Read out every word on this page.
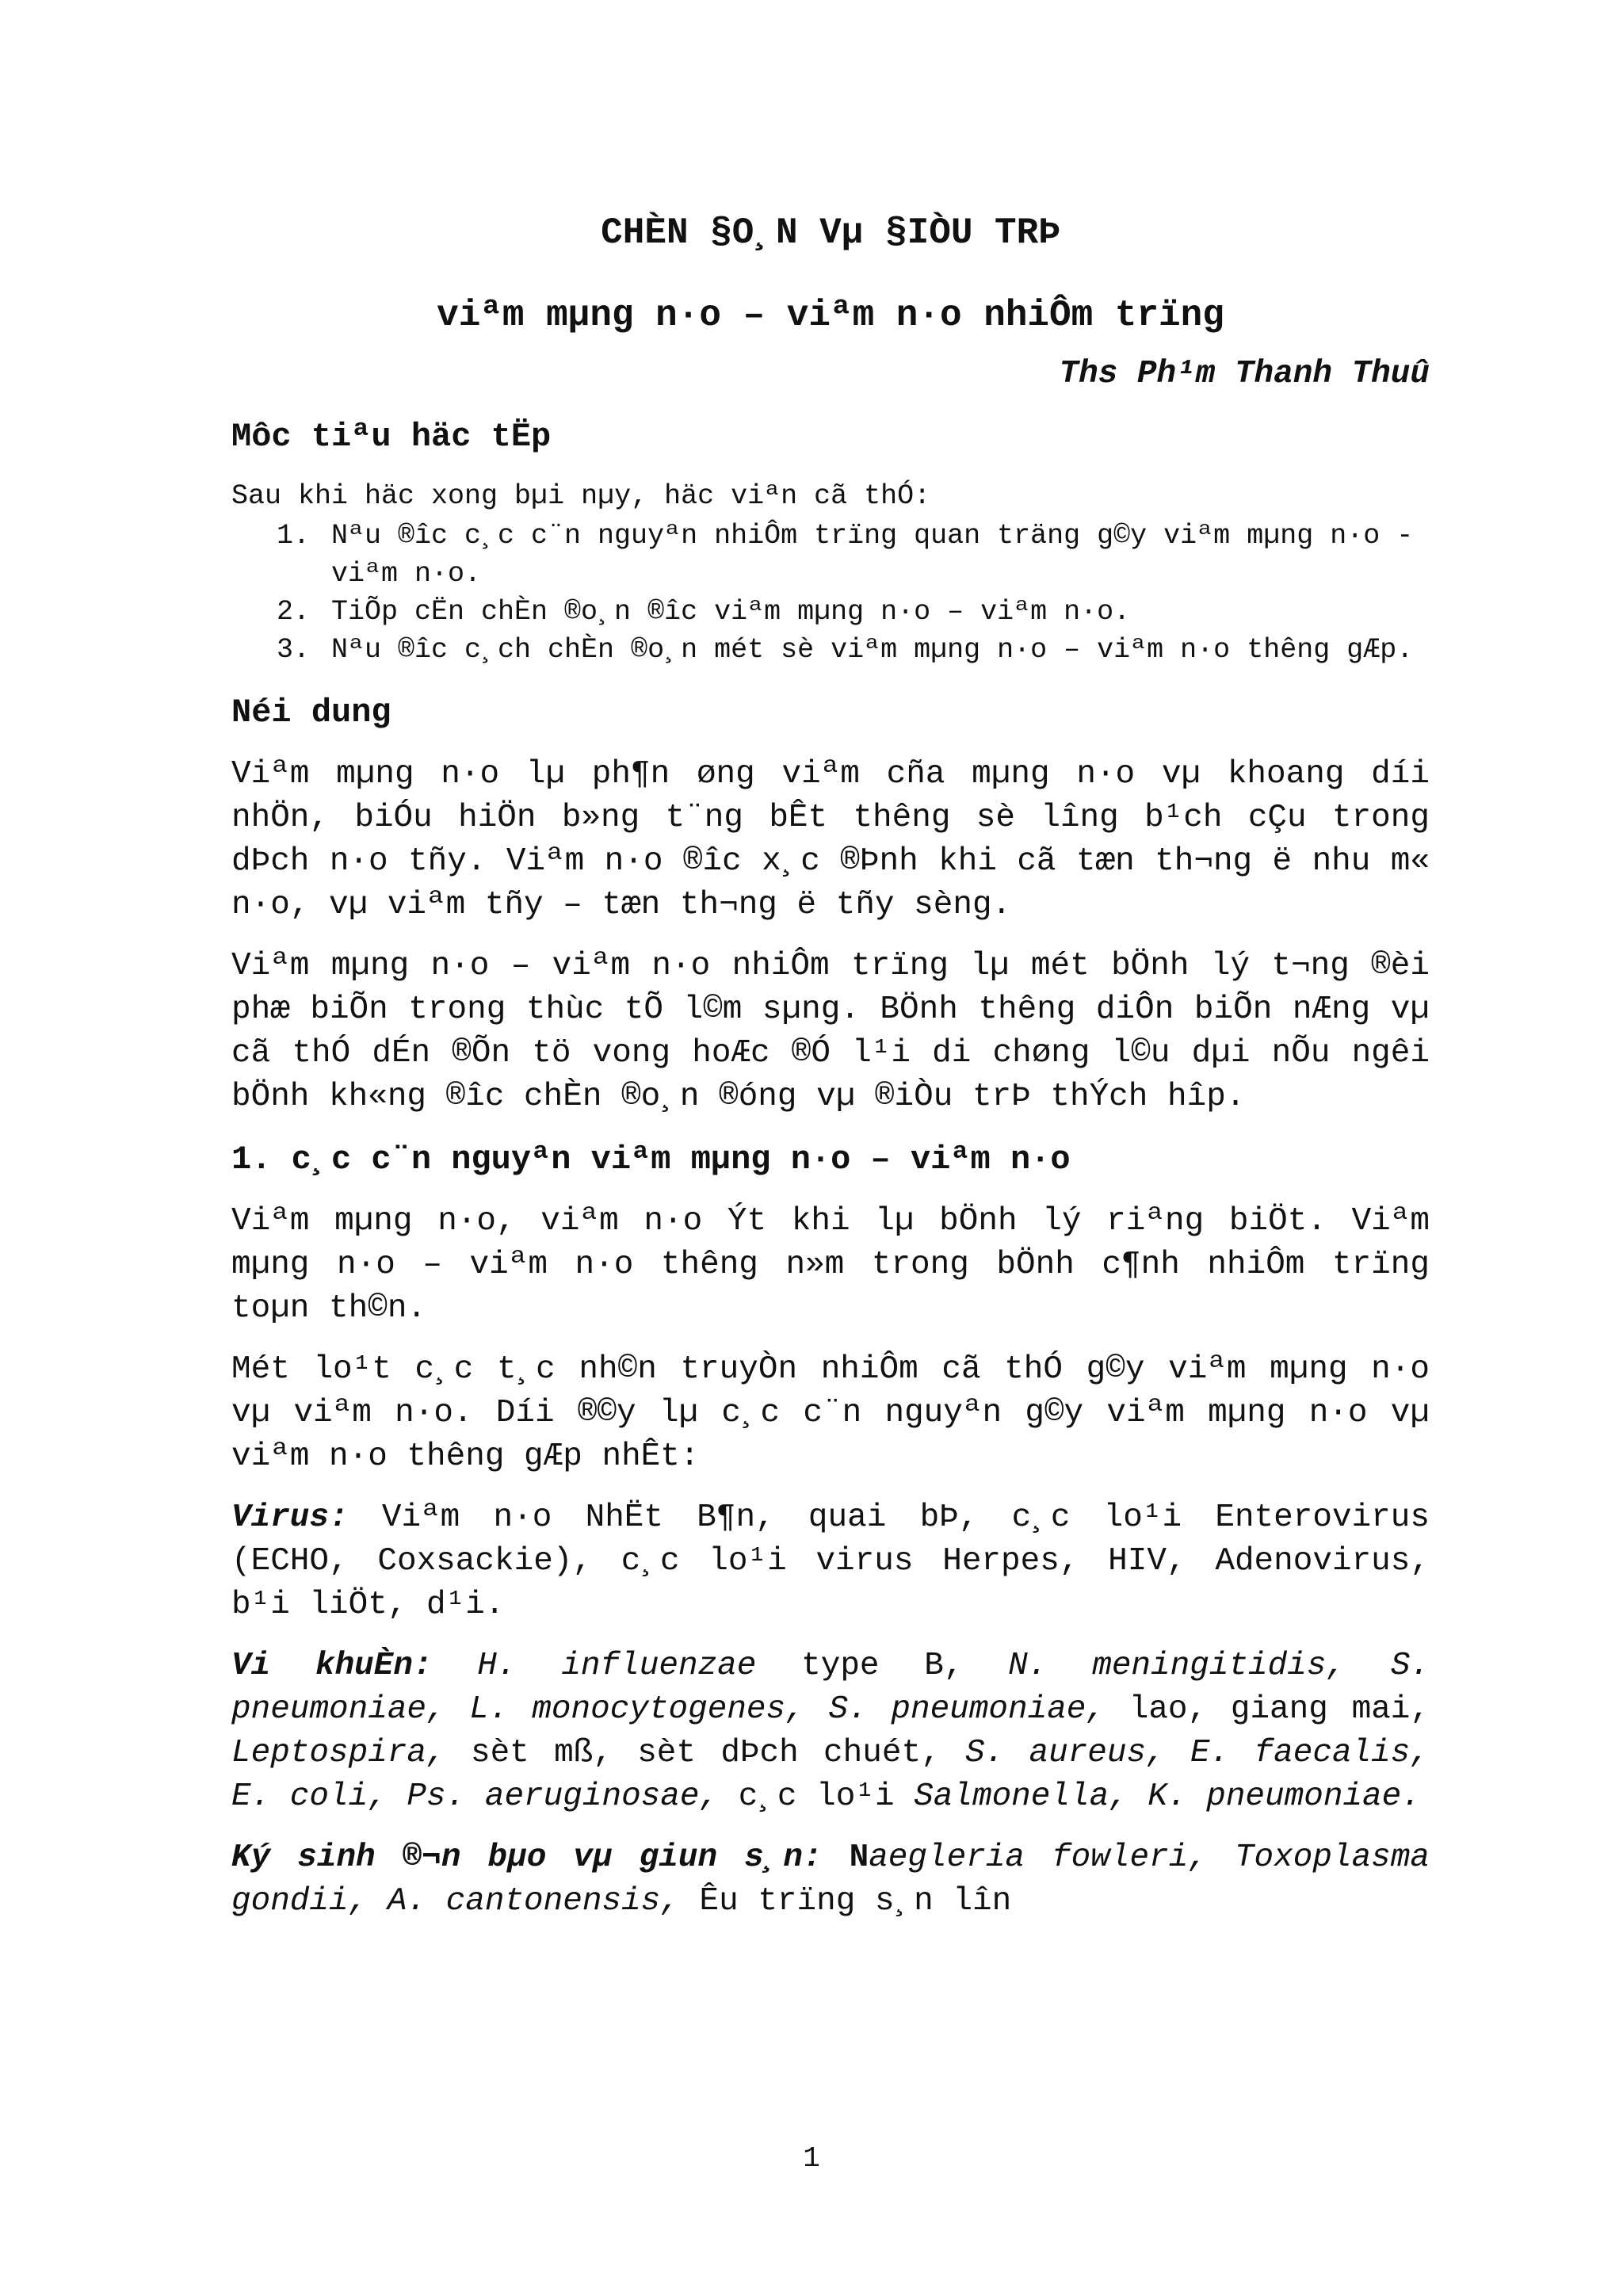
CHÈN §O¸N Vµ §IÒU TRÞ
viªm mµng n·o – viªm n·o nhiÔm trïng
Ths Ph¹m Thanh Thuû
Môc tiªu häc tËp
Sau khi häc xong bµi nµy, häc viªn cã thÓ:
1. Nªu ®îc c¸c c¨n nguyªn nhiÔm trïng quan träng g©y viªm mµng n·o - viªm n·o.
2. TiÕp cËn chÈn ®o¸n ®îc viªm mµng n·o – viªm n·o.
3. Nªu ®îc c¸ch chÈn ®o¸n mét sè viªm mµng n·o – viªm n·o thêng gÆp.
Néi dung

Viªm mµng n·o lµ ph¶n øng viªm cña mµng n·o vµ khoang díi nhÖn, biÓu hiÖn b»ng t¨ng bÊt thêng sè lîng b¹ch cÇu trong dÞch n·o tñy. Viªm n·o ®îc x¸c ®Þnh khi cã tæn th¬ng ë nhu m« n·o, vµ viªm tñy – tæn th¬ng ë tñy sèng.

Viªm mµng n·o – viªm n·o nhiÔm trïng lµ mét bÖnh lý t¬ng ®èi phæ biÕn trong thùc tÕ l©m sµng. BÖnh thêng diÔn biÕn nÆng vµ cã thÓ dÉn ®Õn tö vong hoÆc ®Ó l¹i di chøng l©u dµi nÕu ngêi bÖnh kh«ng ®îc chÈn ®o¸n ®óng vµ ®iÒu trÞ thÝch hîp.

1. c¸c c¨n nguyªn viªm mµng n·o – viªm n·o

Viªm mµng n·o, viªm n·o Ýt khi lµ bÖnh lý riªng biÖt. Viªm mµng n·o – viªm n·o thêng n»m trong bÖnh c¶nh nhiÔm trïng toµn th©n.

Mét lo¹t c¸c t¸c nh©n truyÒn nhiÔm cã thÓ g©y viªm mµng n·o vµ viªm n·o. Díi ®©y lµ c¸c c¨n nguyªn g©y viªm mµng n·o vµ viªm n·o thêng gÆp nhÊt:

Virus: Viªm n·o NhËt B¶n, quai bÞ, c¸c lo¹i Enterovirus (ECHO, Coxsackie), c¸c lo¹i virus Herpes, HIV, Adenovirus, b¹i liÖt, d¹i.

Vi khuÈn: H. influenzae type B, N. meningitidis, S. pneumoniae, L. monocytogenes, S. pneumoniae, lao, giang mai, Leptospira, sèt mß, sèt dÞch chuét, S. aureus, E. faecalis, E. coli, Ps. aeruginosae, c¸c lo¹i Salmonella, K. pneumoniae.

Ký sinh ®¬n bµo vµ giun s¸n: Naegleria fowleri, Toxoplasma gondii, A. cantonensis, Êu trïng s¸n lîn

1
